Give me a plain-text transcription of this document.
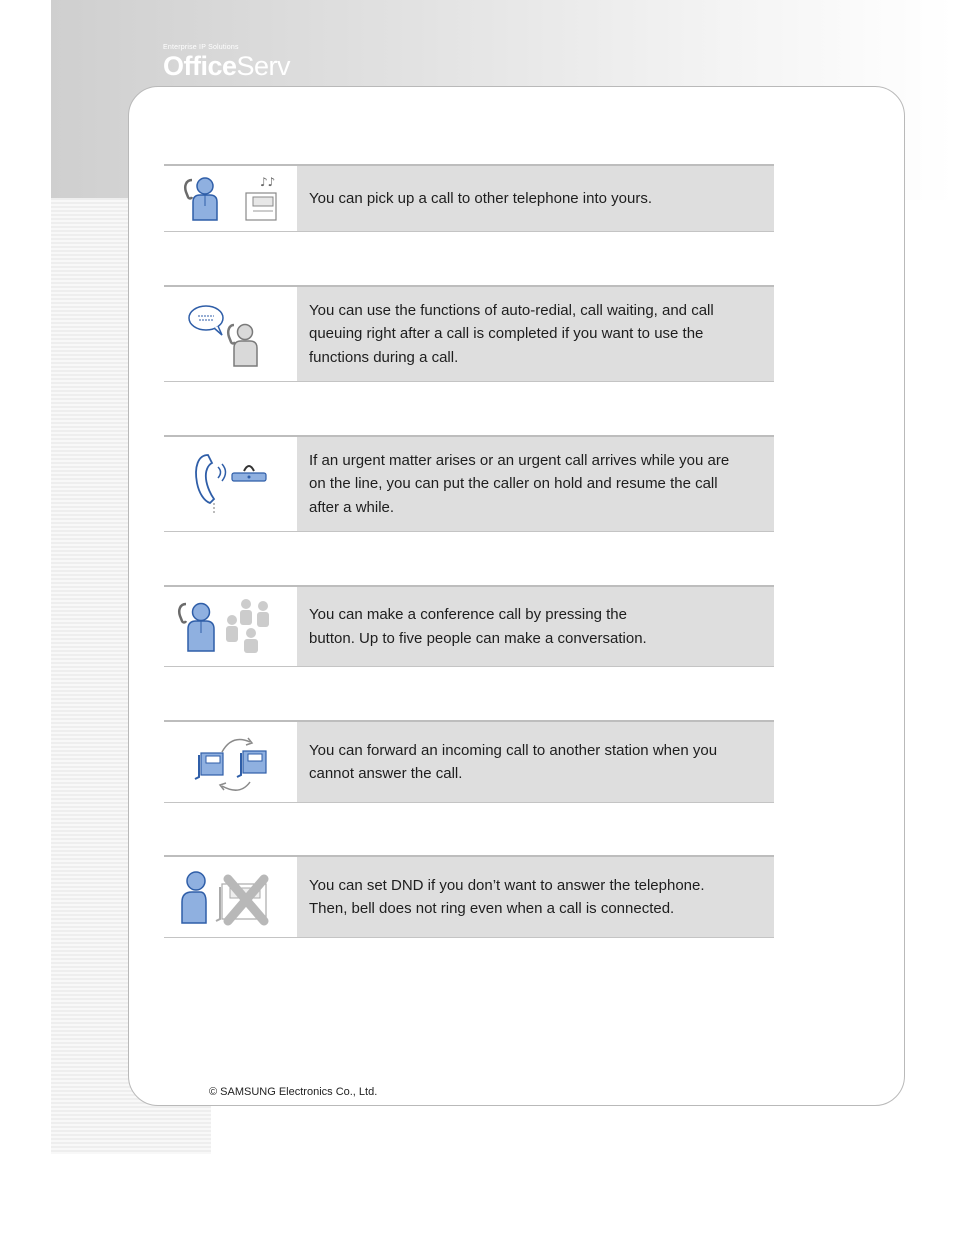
Enterprise IP Solutions
OfficeServ
♪♪
You can pick up a call to other telephone into yours.
You can use the functions of auto-redial, call waiting, and call
queuing right after a call is completed if you want to use the
functions during a call.
If an urgent matter arises or an urgent call arrives while you are
on the line, you can put the caller on hold and resume the call
after a while.
You can make a conference call by pressing the
button. Up to five people can make a conversation.
You can forward an incoming call to another station when you
cannot answer the call.
You can set DND if you don’t want to answer the telephone.
Then, bell does not ring even when a call is connected.
© SAMSUNG Electronics Co., Ltd.
